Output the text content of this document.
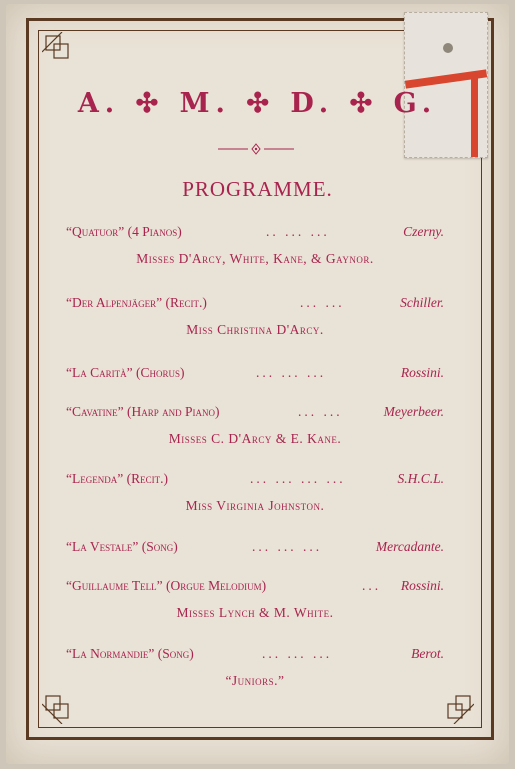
A. ✣ M. ✣ D. ✣ G.
PROGRAMME.
“Quatuor” (4 Pianos)	.. ... ...	Czerny.
Misses D'Arcy, White, Kane, & Gaynor.
“Der Alpenjäger” (Recit.)	... ...	Schiller.
Miss Christina D'Arcy.
“La Carità” (Chorus)	... ... ...	Rossini.
“Cavatine” (Harp and Piano)	... ...	Meyerbeer.
Misses C. D'Arcy & E. Kane.
“Legenda” (Recit.)	... ... ... ...	S.H.C.L.
Miss Virginia Johnston.
“La Vestale” (Song)	... ... ...	Mercadante.
“Guillaume Tell” (Orgue Melodium)	... Rossini.
Misses Lynch & M. White.
“La Normandie” (Song)	... ... ...	Berot.
“Juniors.”
